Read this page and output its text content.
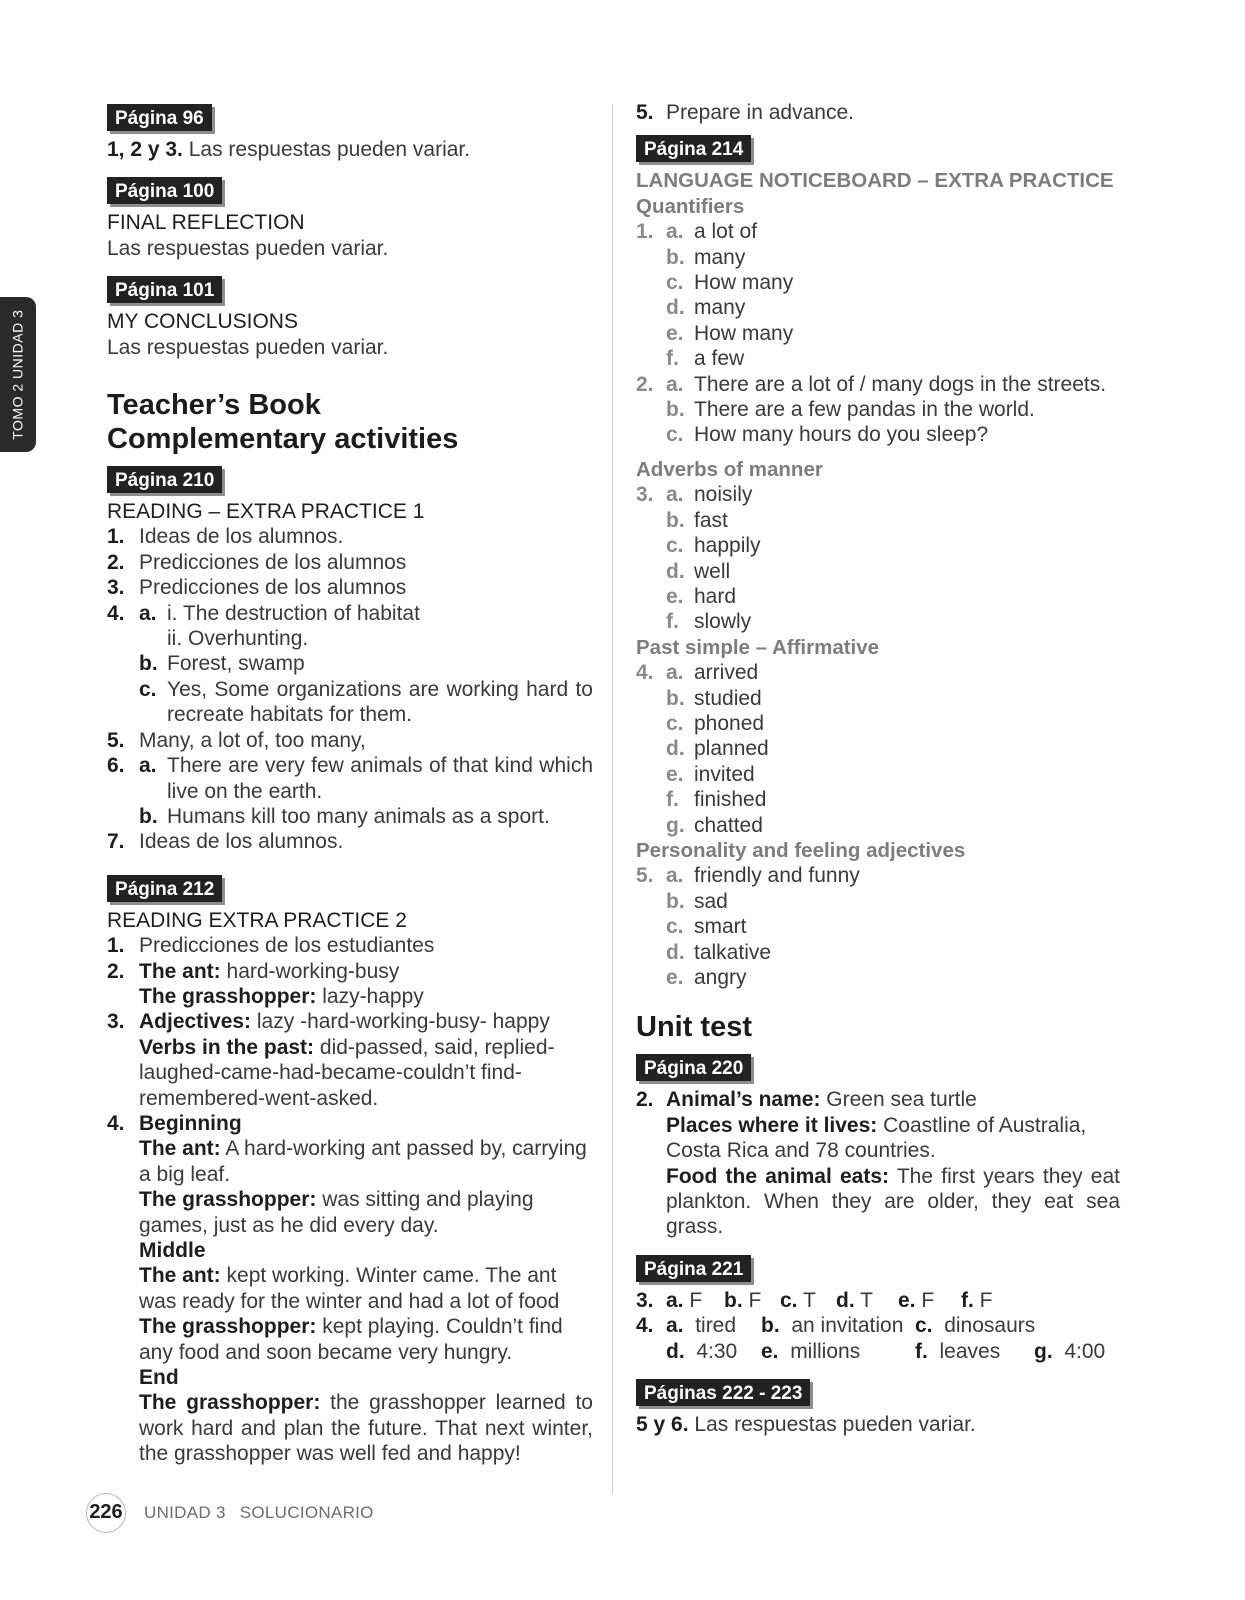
TOMO 2 UNIDAD 3
Página 96
1, 2 y 3. Las respuestas pueden variar.
Página 100
FINAL REFLECTION
Las respuestas pueden variar.
Página 101
MY CONCLUSIONS
Las respuestas pueden variar.
Teacher’s Book
Complementary activities
Página 210
READING – EXTRA PRACTICE 1
1. Ideas de los alumnos.
2. Predicciones de los alumnos
3. Predicciones de los alumnos
4. a. i. The destruction of habitat
ii. Overhunting.
b. Forest, swamp
c. Yes, Some organizations are working hard to recreate habitats for them.
5. Many, a lot of, too many,
6. a. There are very few animals of that kind which live on the earth.
b. Humans kill too many animals as a sport.
7. Ideas de los alumnos.
Página 212
READING EXTRA PRACTICE 2
1. Predicciones de los estudiantes
2. The ant: hard-working-busy
The grasshopper: lazy-happy
3. Adjectives: lazy -hard-working-busy- happy
Verbs in the past: did-passed, said, replied- laughed-came-had-became-couldn’t find-remembered-went-asked.
4. Beginning
The ant: A hard-working ant passed by, carrying a big leaf.
The grasshopper: was sitting and playing games, just as he did every day.
Middle
The ant: kept working. Winter came. The ant was ready for the winter and had a lot of food
The grasshopper: kept playing. Couldn’t find any food and soon became very hungry.
End
The grasshopper: the grasshopper learned to work hard and plan the future. That next winter, the grasshopper was well fed and happy!
5. Prepare in advance.
Página 214
LANGUAGE NOTICEBOARD – EXTRA PRACTICE
Quantifiers
1. a. a lot of
b. many
c. How many
d. many
e. How many
f. a few
2. a. There are a lot of / many dogs in the streets.
b. There are a few pandas in the world.
c. How many hours do you sleep?
Adverbs of manner
3. a. noisily
b. fast
c. happily
d. well
e. hard
f. slowly
Past simple – Affirmative
4. a. arrived
b. studied
c. phoned
d. planned
e. invited
f. finished
g. chatted
Personality and feeling adjectives
5. a. friendly and funny
b. sad
c. smart
d. talkative
e. angry
Unit test
Página 220
2. Animal’s name: Green sea turtle
Places where it lives: Coastline of Australia, Costa Rica and 78 countries.
Food the animal eats: The first years they eat plankton. When they are older, they eat sea grass.
Página 221
3. a. F	b. F c. T d. T	e. F	f. F
4. a. tired	b. an invitation c. dinosaurs
d. 4:30	e. millions	f. leaves	g. 4:00
Páginas 222 - 223
5 y 6. Las respuestas pueden variar.
226 UNIDAD 3 SOLUCIONARIO
